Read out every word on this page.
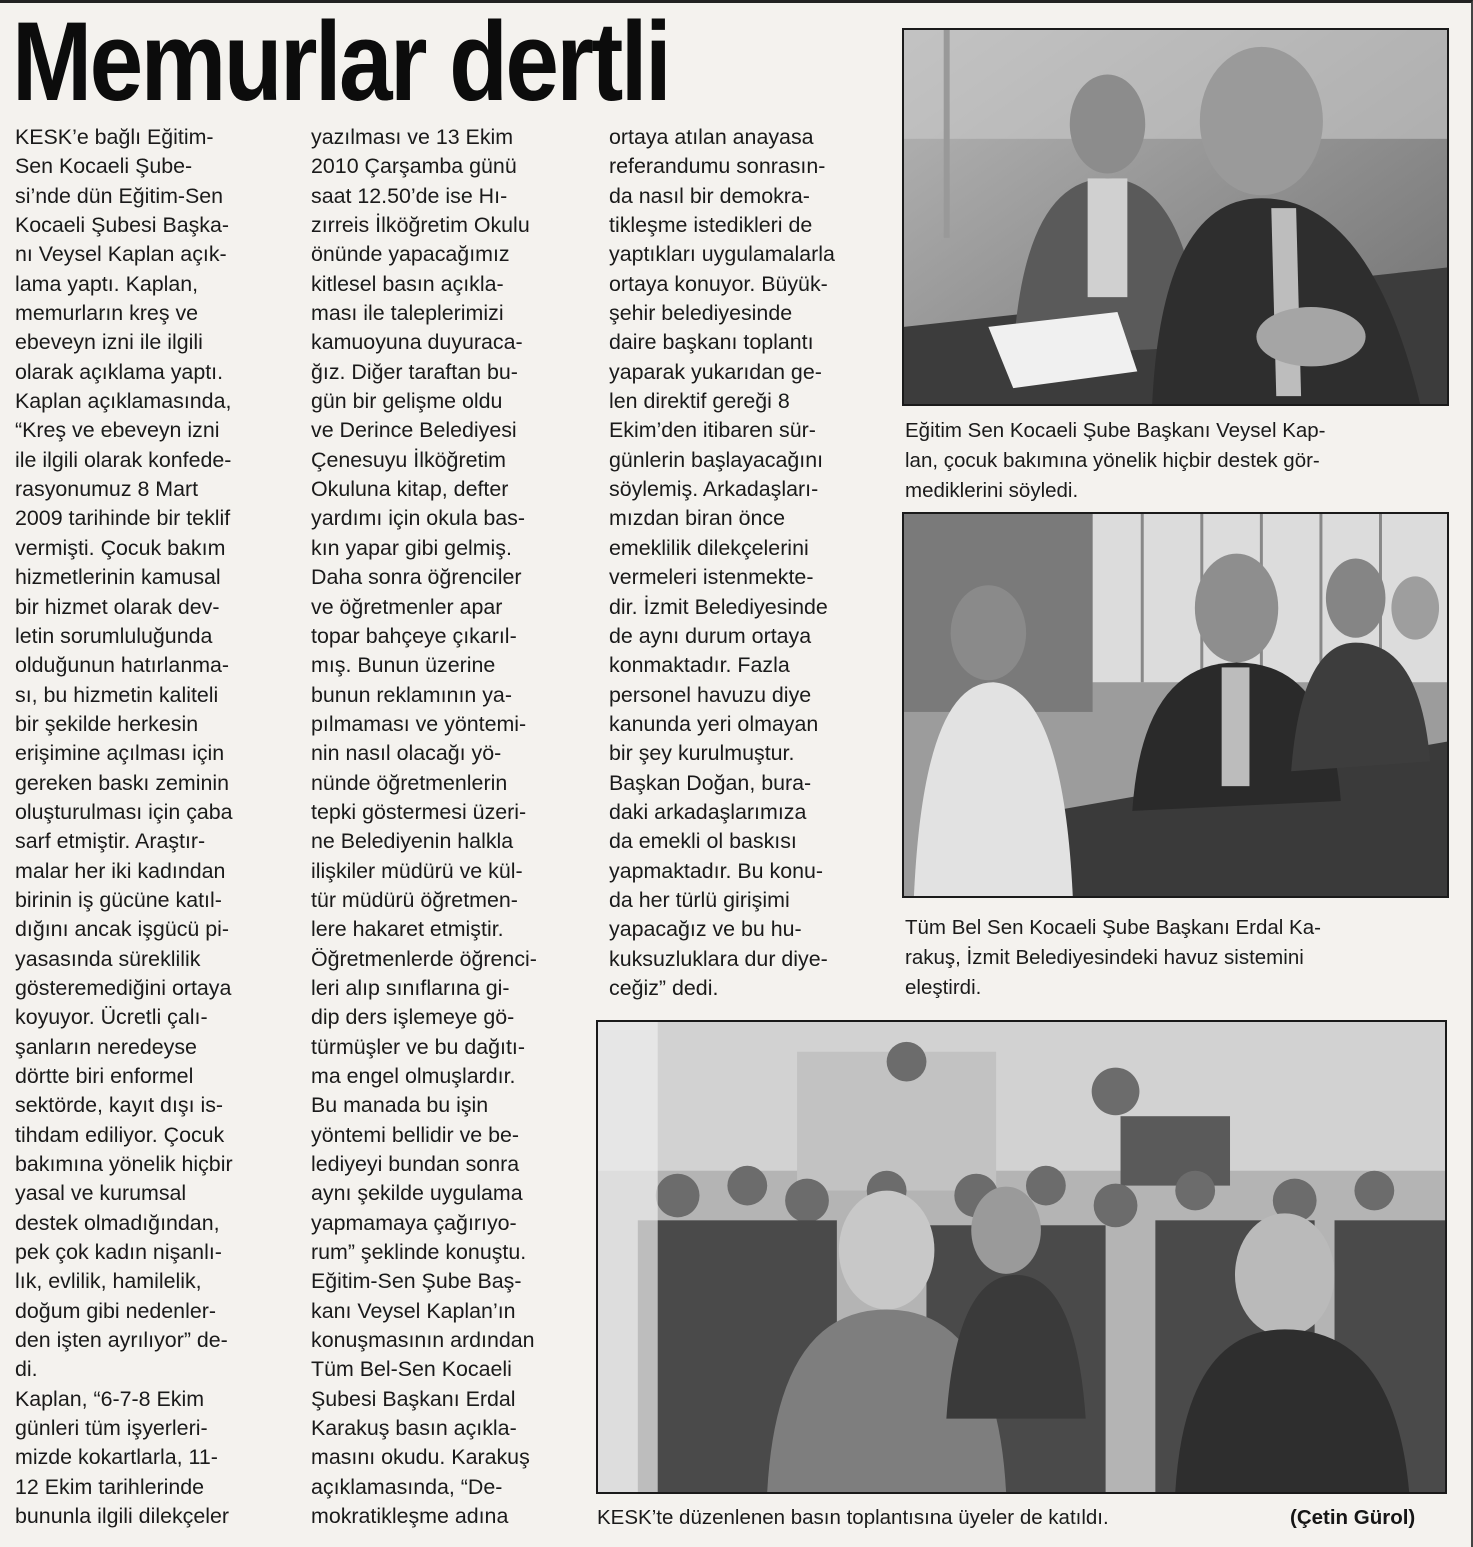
Memurlar dertli
KESK’e bağlı Eğitim-
Sen Kocaeli Şube-
si’nde dün Eğitim-Sen
Kocaeli Şubesi Başka-
nı Veysel Kaplan açık-
lama yaptı. Kaplan,
memurların kreş ve
ebeveyn izni ile ilgili
olarak açıklama yaptı.
Kaplan açıklamasında,
“Kreş ve ebeveyn izni
ile ilgili olarak konfede-
rasyonumuz 8 Mart
2009 tarihinde bir teklif
vermişti. Çocuk bakım
hizmetlerinin kamusal
bir hizmet olarak dev-
letin sorumluluğunda
olduğunun hatırlanma-
sı, bu hizmetin kaliteli
bir şekilde herkesin
erişimine açılması için
gereken baskı zeminin
oluşturulması için çaba
sarf etmiştir. Araştır-
malar her iki kadından
birinin iş gücüne katıl-
dığını ancak işgücü pi-
yasasında süreklilik
gösteremediğini ortaya
koyuyor. Ücretli çalı-
şanların neredeyse
dörtte biri enformel
sektörde, kayıt dışı is-
tihdam ediliyor. Çocuk
bakımına yönelik hiçbir
yasal ve kurumsal
destek olmadığından,
pek çok kadın nişanlı-
lık, evlilik, hamilelik,
doğum gibi nedenler-
den işten ayrılıyor” de-
di.
Kaplan, “6-7-8 Ekim
günleri tüm işyerleri-
mizde kokartlarla, 11-
12 Ekim tarihlerinde
bununla ilgili dilekçeler
yazılması ve 13 Ekim
2010 Çarşamba günü
saat 12.50’de ise Hı-
zırreis İlköğretim Okulu
önünde yapacağımız
kitlesel basın açıkla-
ması ile taleplerimizi
kamuoyuna duyuraca-
ğız. Diğer taraftan bu-
gün bir gelişme oldu
ve Derince Belediyesi
Çenesuyu İlköğretim
Okuluna kitap, defter
yardımı için okula bas-
kın yapar gibi gelmiş.
Daha sonra öğrenciler
ve öğretmenler apar
topar bahçeye çıkarıl-
mış. Bunun üzerine
bunun reklamının ya-
pılmaması ve yöntemi-
nin nasıl olacağı yö-
nünde öğretmenlerin
tepki göstermesi üzeri-
ne Belediyenin halkla
ilişkiler müdürü ve kül-
tür müdürü öğretmen-
lere hakaret etmiştir.
Öğretmenlerde öğrenci-
leri alıp sınıflarına gi-
dip ders işlemeye gö-
türmüşler ve bu dağıtı-
ma engel olmuşlardır.
Bu manada bu işin
yöntemi bellidir ve be-
lediyeyi bundan sonra
aynı şekilde uygulama
yapmamaya çağırıyo-
rum” şeklinde konuştu.
Eğitim-Sen Şube Baş-
kanı Veysel Kaplan’ın
konuşmasının ardından
Tüm Bel-Sen Kocaeli
Şubesi Başkanı Erdal
Karakuş basın açıkla-
masını okudu. Karakuş
açıklamasında, “De-
mokratikleşme adına
ortaya atılan anayasa
referandumu sonrasın-
da nasıl bir demokra-
tikleşme istedikleri de
yaptıkları uygulamalarla
ortaya konuyor. Büyük-
şehir belediyesinde
daire başkanı toplantı
yaparak yukarıdan ge-
len direktif gereği 8
Ekim’den itibaren sür-
günlerin başlayacağını
söylemiş. Arkadaşları-
mızdan biran önce
emeklilik dilekçelerini
vermeleri istenmekte-
dir. İzmit Belediyesinde
de aynı durum ortaya
konmaktadır. Fazla
personel havuzu diye
kanunda yeri olmayan
bir şey kurulmuştur.
Başkan Doğan, bura-
daki arkadaşlarımıza
da emekli ol baskısı
yapmaktadır. Bu konu-
da her türlü girişimi
yapacağız ve bu hu-
kuksuzluklara dur diye-
ceğiz” dedi.
Eğitim Sen Kocaeli Şube Başkanı Veysel Kap-
lan, çocuk bakımına yönelik hiçbir destek gör-
mediklerini söyledi.
Tüm Bel Sen Kocaeli Şube Başkanı Erdal Ka-
rakuş, İzmit Belediyesindeki havuz sistemini
eleştirdi.
KESK’te düzenlenen basın toplantısına üyeler de katıldı.	(Çetin Gürol)
